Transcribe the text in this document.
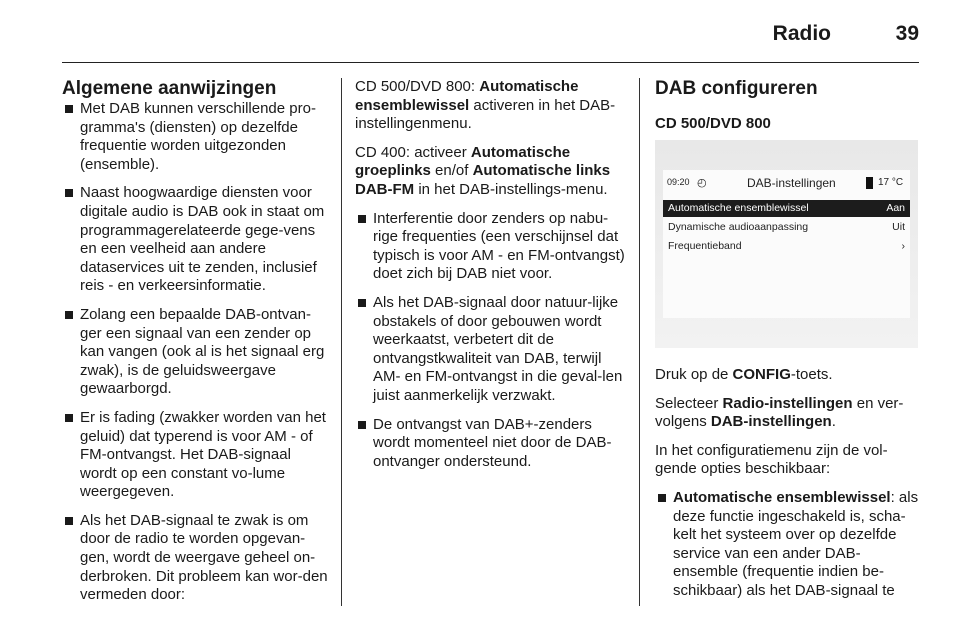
Radio	39
Algemene aanwijzingen
Met DAB kunnen verschillende pro-gramma's (diensten) op dezelfde frequentie worden uitgezonden (ensemble).
Naast hoogwaardige diensten voor digitale audio is DAB ook in staat om programmagerelateerde gege-vens en een veelheid aan andere dataservices uit te zenden, inclusief reis - en verkeersinformatie.
Zolang een bepaalde DAB-ontvan-ger een signaal van een zender op kan vangen (ook al is het signaal erg zwak), is de geluidsweergave gewaarborgd.
Er is fading (zwakker worden van het geluid) dat typerend is voor AM - of FM-ontvangst. Het DAB-signaal wordt op een constant vo-lume weergegeven.
Als het DAB-signaal te zwak is om door de radio te worden opgevan-gen, wordt de weergave geheel on-derbroken. Dit probleem kan wor-den vermeden door:
CD 500/DVD 800: Automatische ensemblewissel activeren in het DAB-instellingenmenu.
CD 400: activeer Automatische groeplinks en/of Automatische links DAB-FM in het DAB-instellings-menu.
Interferentie door zenders op nabu-rige frequenties (een verschijnsel dat typisch is voor AM - en FM-ontvangst) doet zich bij DAB niet voor.
Als het DAB-signaal door natuur-lijke obstakels of door gebouwen wordt weerkaatst, verbetert dit de ontvangstkwaliteit van DAB, terwijl AM- en FM-ontvangst in die geval-len juist aanmerkelijk verzwakt.
De ontvangst van DAB+-zenders wordt momenteel niet door de DAB-ontvanger ondersteund.
DAB configureren
CD 500/DVD 800
09:20 ◴	DAB-instellingen	17 °C
Automatische ensemblewissel	Aan
Dynamische audioaanpassing	Uit
Frequentieband	›
Druk op de CONFIG-toets.
Selecteer Radio-instellingen en ver-volgens DAB-instellingen.
In het configuratiemenu zijn de vol-gende opties beschikbaar:
Automatische ensemblewissel: als deze functie ingeschakeld is, scha-kelt het systeem over op dezelfde service van een ander DAB-ensemble (frequentie indien be-schikbaar) als het DAB-signaal te
